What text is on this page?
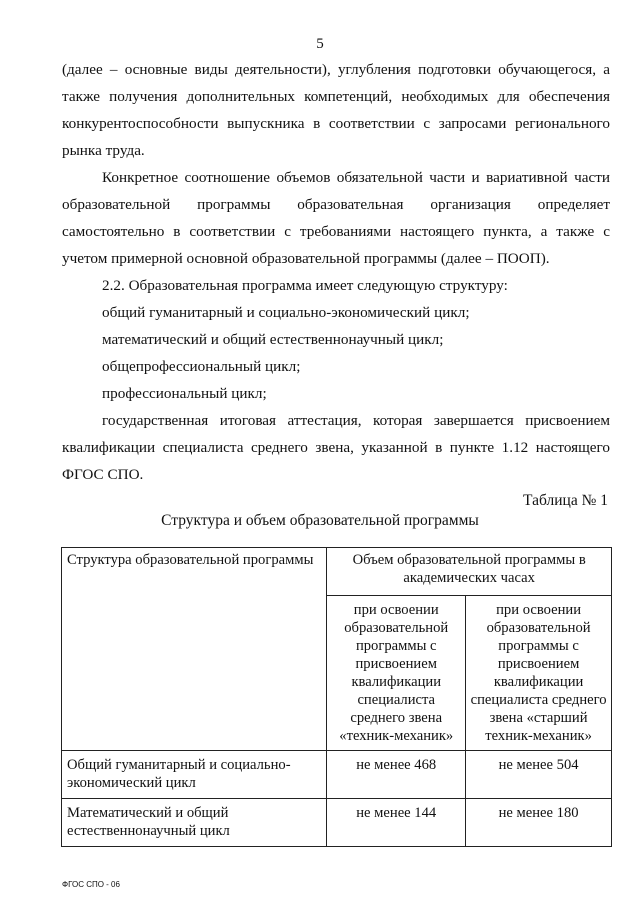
5

(далее – основные виды деятельности), углубления подготовки обучающегося, а также получения дополнительных компетенций, необходимых для обеспечения конкурентоспособности выпускника в соответствии с запросами регионального рынка труда.

Конкретное соотношение объемов обязательной части и вариативной части образовательной программы образовательная организация определяет самостоятельно в соответствии с требованиями настоящего пункта, а также с учетом примерной основной образовательной программы (далее – ПООП).

2.2. Образовательная программа имеет следующую структуру:

общий гуманитарный и социально-экономический цикл;

математический и общий естественнонаучный цикл;

общепрофессиональный цикл;

профессиональный цикл;

государственная итоговая аттестация, которая завершается присвоением квалификации специалиста среднего звена, указанной в пункте 1.12 настоящего ФГОС СПО.

Таблица № 1
Структура и объем образовательной программы
Структура образовательной программы	Объем образовательной программы в академических часах	
	при освоении образовательной программы с присвоением квалификации специалиста среднего звена «техник-механик»	при освоении образовательной программы с присвоением квалификации специалиста среднего звена «старший техник-механик»
Общий гуманитарный и социально-экономический цикл	не менее 468	не менее 504
Математический и общий естественнонаучный цикл	не менее 144	не менее 180
ФГОС СПО - 06
